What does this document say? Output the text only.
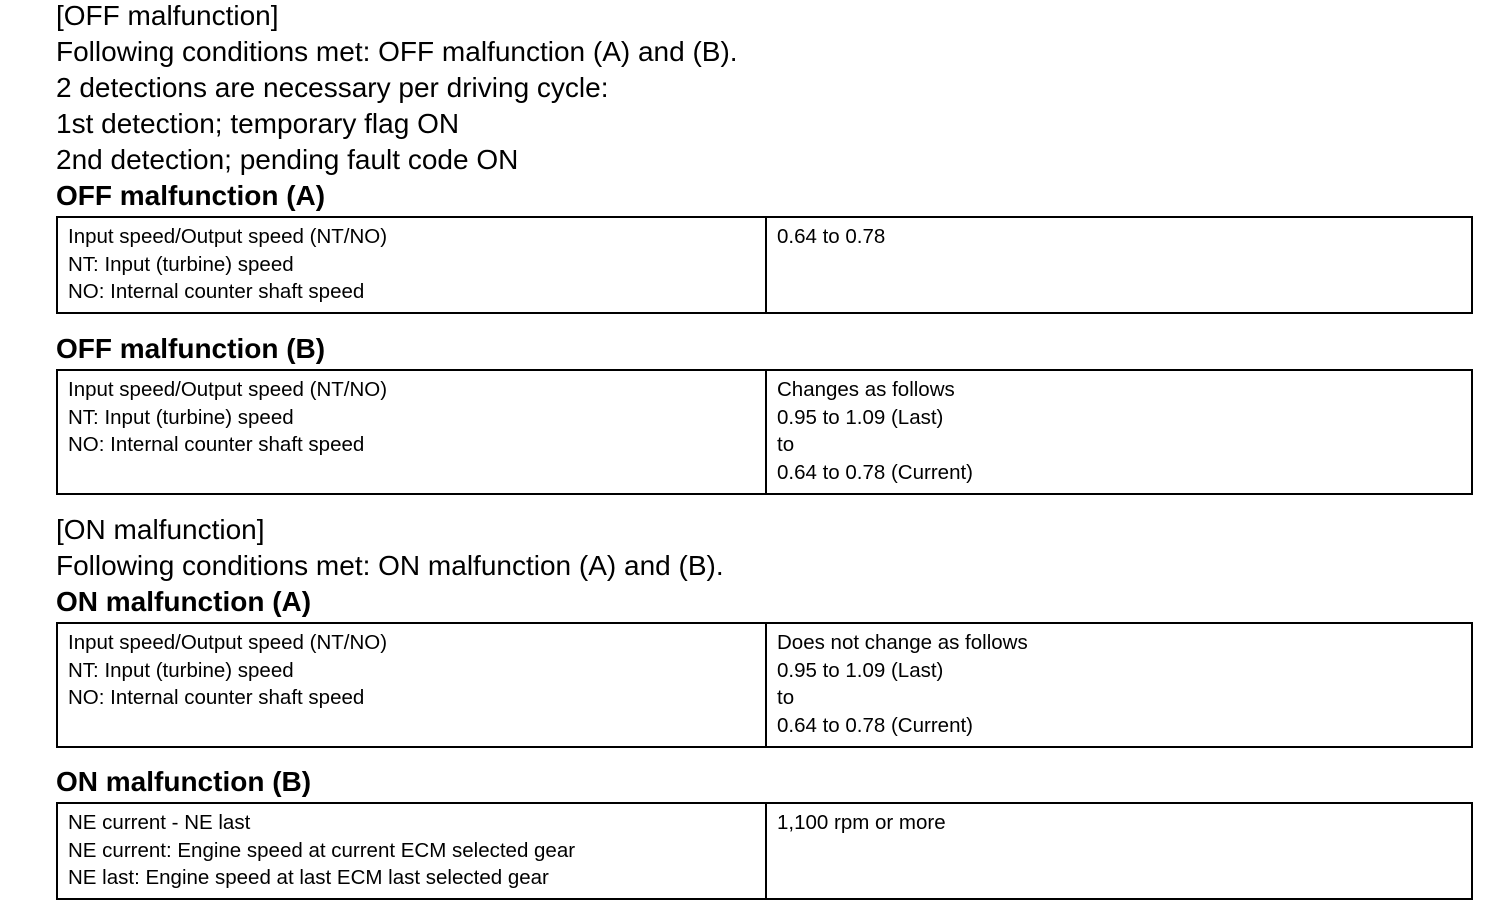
[OFF malfunction]
Following conditions met: OFF malfunction (A) and (B).
2 detections are necessary per driving cycle:
1st detection; temporary flag ON
2nd detection; pending fault code ON
OFF malfunction (A)
Input speed/Output speed (NT/NO)
NT: Input (turbine) speed
NO: Internal counter shaft speed

0.64 to 0.78
OFF malfunction (B)
Input speed/Output speed (NT/NO)
NT: Input (turbine) speed
NO: Internal counter shaft speed

Changes as follows
0.95 to 1.09 (Last)
to
0.64 to 0.78 (Current)
[ON malfunction]
Following conditions met: ON malfunction (A) and (B).
ON malfunction (A)
Input speed/Output speed (NT/NO)
NT: Input (turbine) speed
NO: Internal counter shaft speed

Does not change as follows
0.95 to 1.09 (Last)
to
0.64 to 0.78 (Current)
ON malfunction (B)
NE current - NE last
NE current: Engine speed at current ECM selected gear
NE last: Engine speed at last ECM last selected gear

1,100 rpm or more
